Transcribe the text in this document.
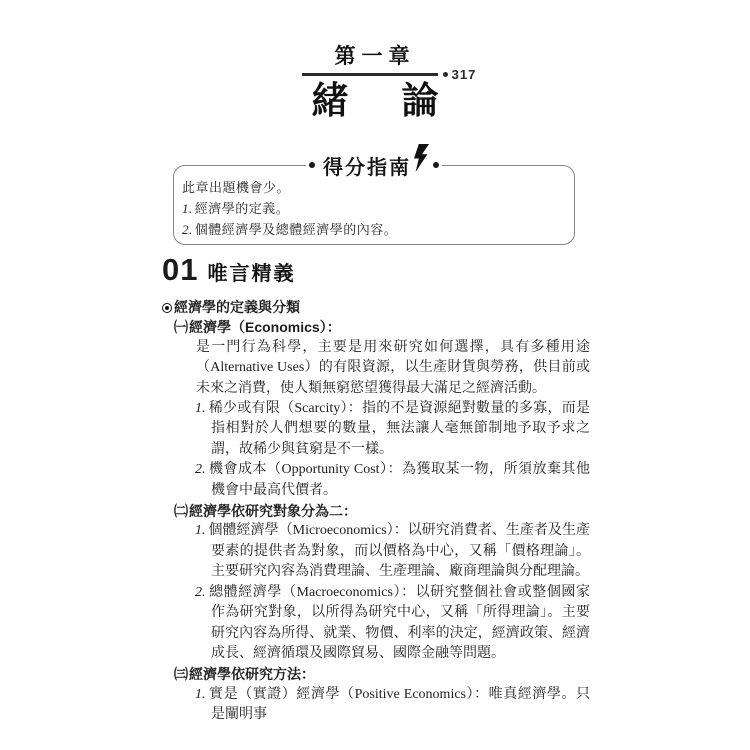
第一章
317
緒 論
得分指南
此章出題機會少。
1. 經濟學的定義。
2. 個體經濟學及總體經濟學的內容。
01 唯言精義
經濟學的定義與分類
㈠經濟學（Economics）：
是一門行為科學，主要是用來研究如何選擇，具有多種用途（Alternative Uses）的有限資源，以生產財貨與勞務，供目前或未來之消費，使人類無窮慾望獲得最大滿足之經濟活動。
1. 稀少或有限（Scarcity）：指的不是資源絕對數量的多寡，而是指相對於人們想要的數量，無法讓人毫無節制地予取予求之謂，故稀少與貧窮是不一樣。
2. 機會成本（Opportunity Cost）：為獲取某一物，所須放棄其他機會中最高代價者。
㈡經濟學依研究對象分為二：
1. 個體經濟學（Microeconomics）：以研究消費者、生產者及生產要素的提供者為對象，而以價格為中心，又稱「價格理論」。主要研究內容為消費理論、生產理論、廠商理論與分配理論。
2. 總體經濟學（Macroeconomics）：以研究整個社會或整個國家作為研究對象，以所得為研究中心，又稱「所得理論」。主要研究內容為所得、就業、物價、利率的決定，經濟政策、經濟成長、經濟循環及國際貿易、國際金融等問題。
㈢經濟學依研究方法：
1. 實是（實證）經濟學（Positive Economics）：唯真經濟學。只是闡明事
